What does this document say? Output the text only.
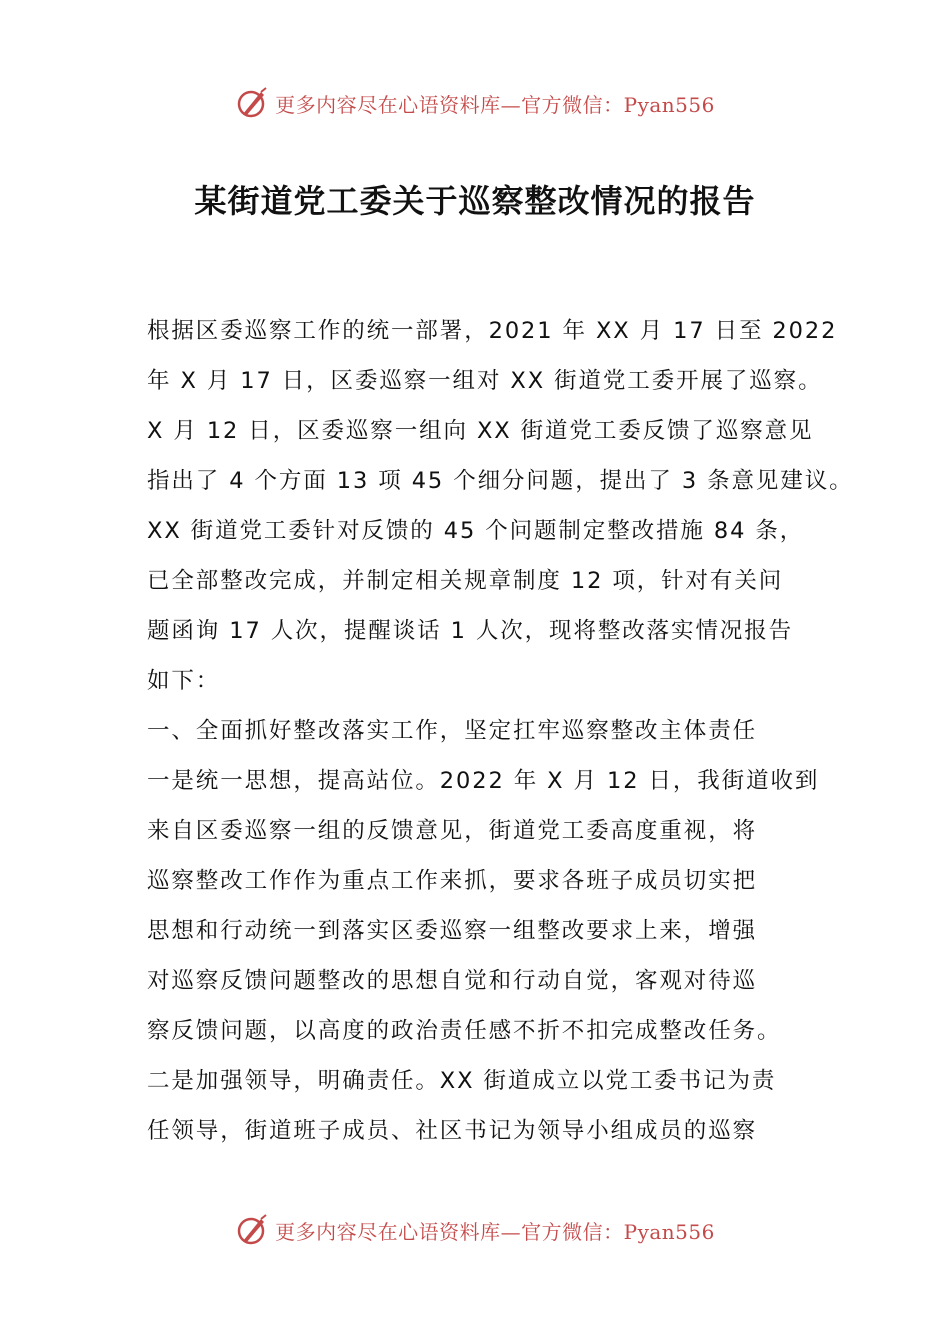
更多内容尽在心语资料库—官方微信：Pyan556
某街道党工委关于巡察整改情况的报告
根据区委巡察工作的统一部署，2021 年 XX 月 17 日至 2022
年 X 月 17 日，区委巡察一组对 XX 街道党工委开展了巡察。
X 月 12 日，区委巡察一组向 XX 街道党工委反馈了巡察意见
指出了 4 个方面 13 项 45 个细分问题，提出了 3 条意见建议。
XX 街道党工委针对反馈的 45 个问题制定整改措施 84 条，
已全部整改完成，并制定相关规章制度 12 项，针对有关问
题函询 17 人次，提醒谈话 1 人次，现将整改落实情况报告
如下：
一、全面抓好整改落实工作，坚定扛牢巡察整改主体责任
一是统一思想，提高站位。2022 年 X 月 12 日，我街道收到
来自区委巡察一组的反馈意见，街道党工委高度重视，将
巡察整改工作作为重点工作来抓，要求各班子成员切实把
思想和行动统一到落实区委巡察一组整改要求上来，增强
对巡察反馈问题整改的思想自觉和行动自觉，客观对待巡
察反馈问题，以高度的政治责任感不折不扣完成整改任务。
二是加强领导，明确责任。XX 街道成立以党工委书记为责
任领导，街道班子成员、社区书记为领导小组成员的巡察
更多内容尽在心语资料库—官方微信：Pyan556
